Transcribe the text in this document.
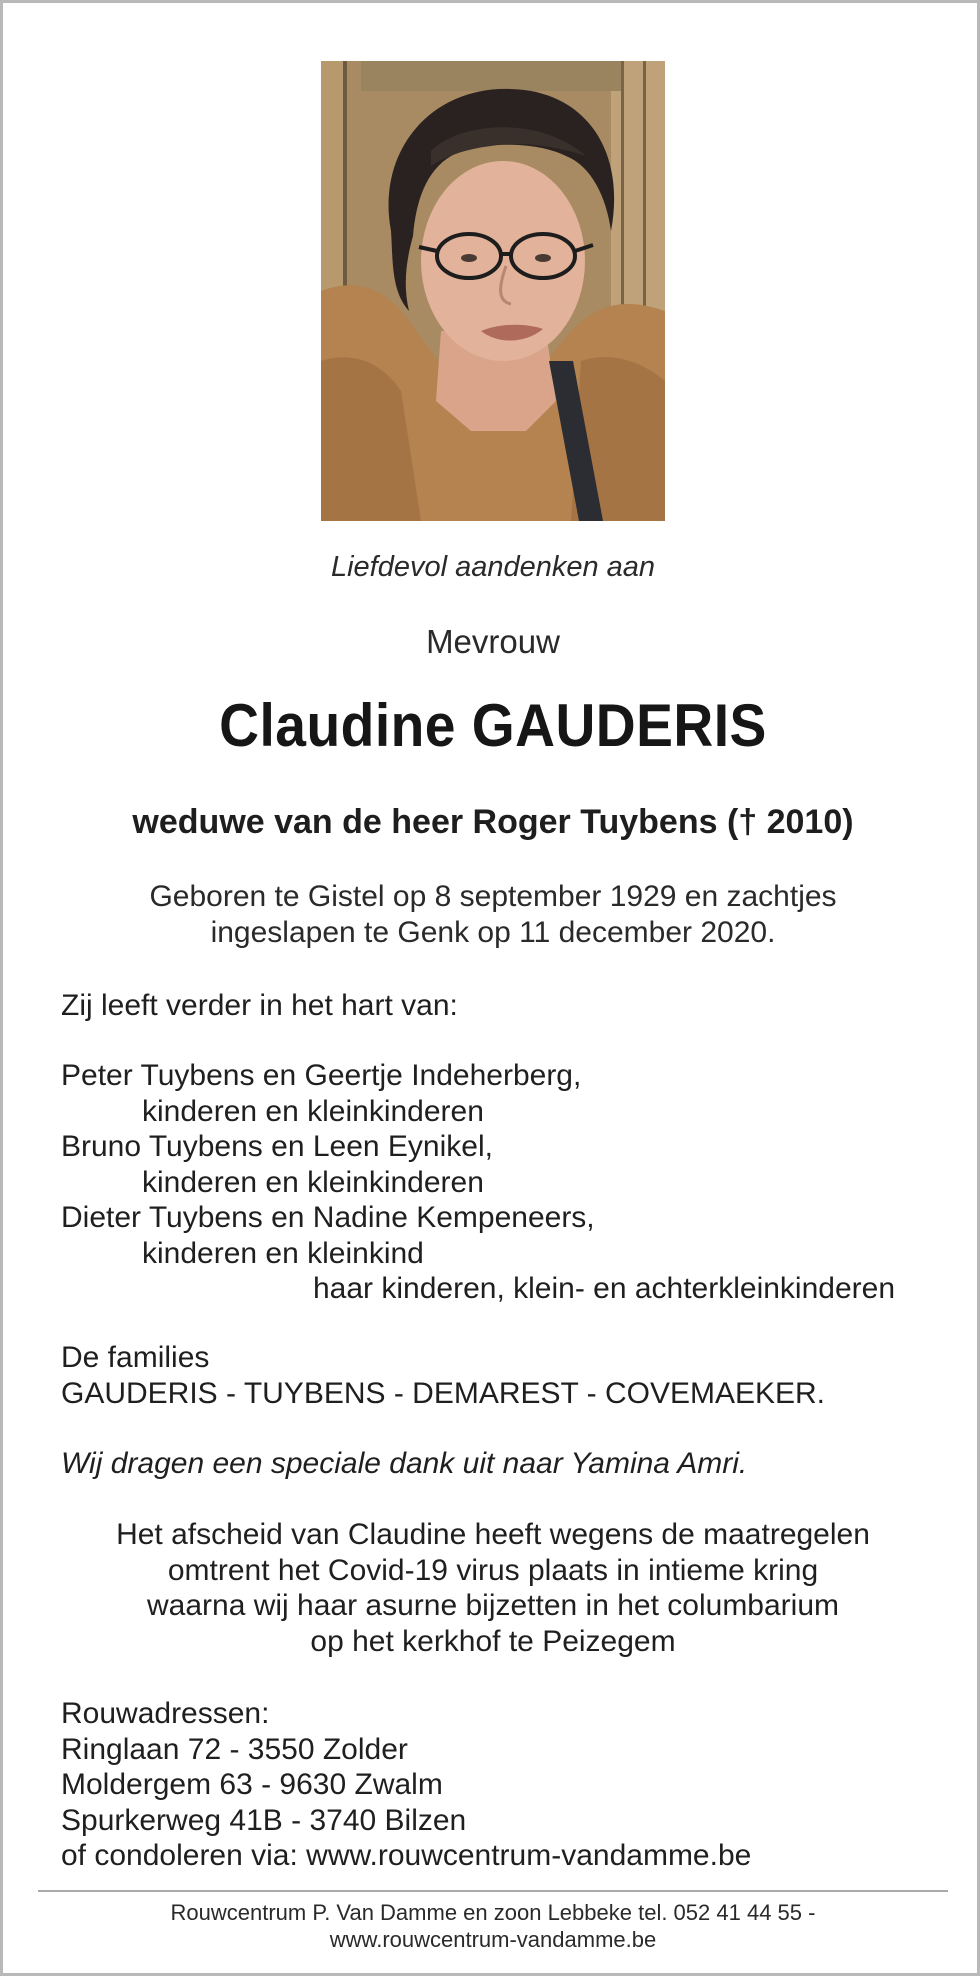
Liefdevol aandenken aan
Mevrouw
Claudine GAUDERIS
weduwe van de heer Roger Tuybens († 2010)
Geboren te Gistel op 8 september 1929 en zachtjes
ingeslapen te Genk op 11 december 2020.
Zij leeft verder in het hart van:
Peter Tuybens en Geertje Indeherberg,
kinderen en kleinkinderen
Bruno Tuybens en Leen Eynikel,
kinderen en kleinkinderen
Dieter Tuybens en Nadine Kempeneers,
kinderen en kleinkind
haar kinderen, klein- en achterkleinkinderen
De families
GAUDERIS - TUYBENS - DEMAREST - COVEMAEKER.
Wij dragen een speciale dank uit naar Yamina Amri.
Het afscheid van Claudine heeft wegens de maatregelen
omtrent het Covid-19 virus plaats in intieme kring
waarna wij haar asurne bijzetten in het columbarium
op het kerkhof te Peizegem
Rouwadressen:
Ringlaan 72 - 3550 Zolder
Moldergem 63 - 9630 Zwalm
Spurkerweg 41B - 3740 Bilzen
of condoleren via: www.rouwcentrum-vandamme.be
Rouwcentrum P. Van Damme en zoon Lebbeke tel. 052 41 44 55 -
www.rouwcentrum-vandamme.be
